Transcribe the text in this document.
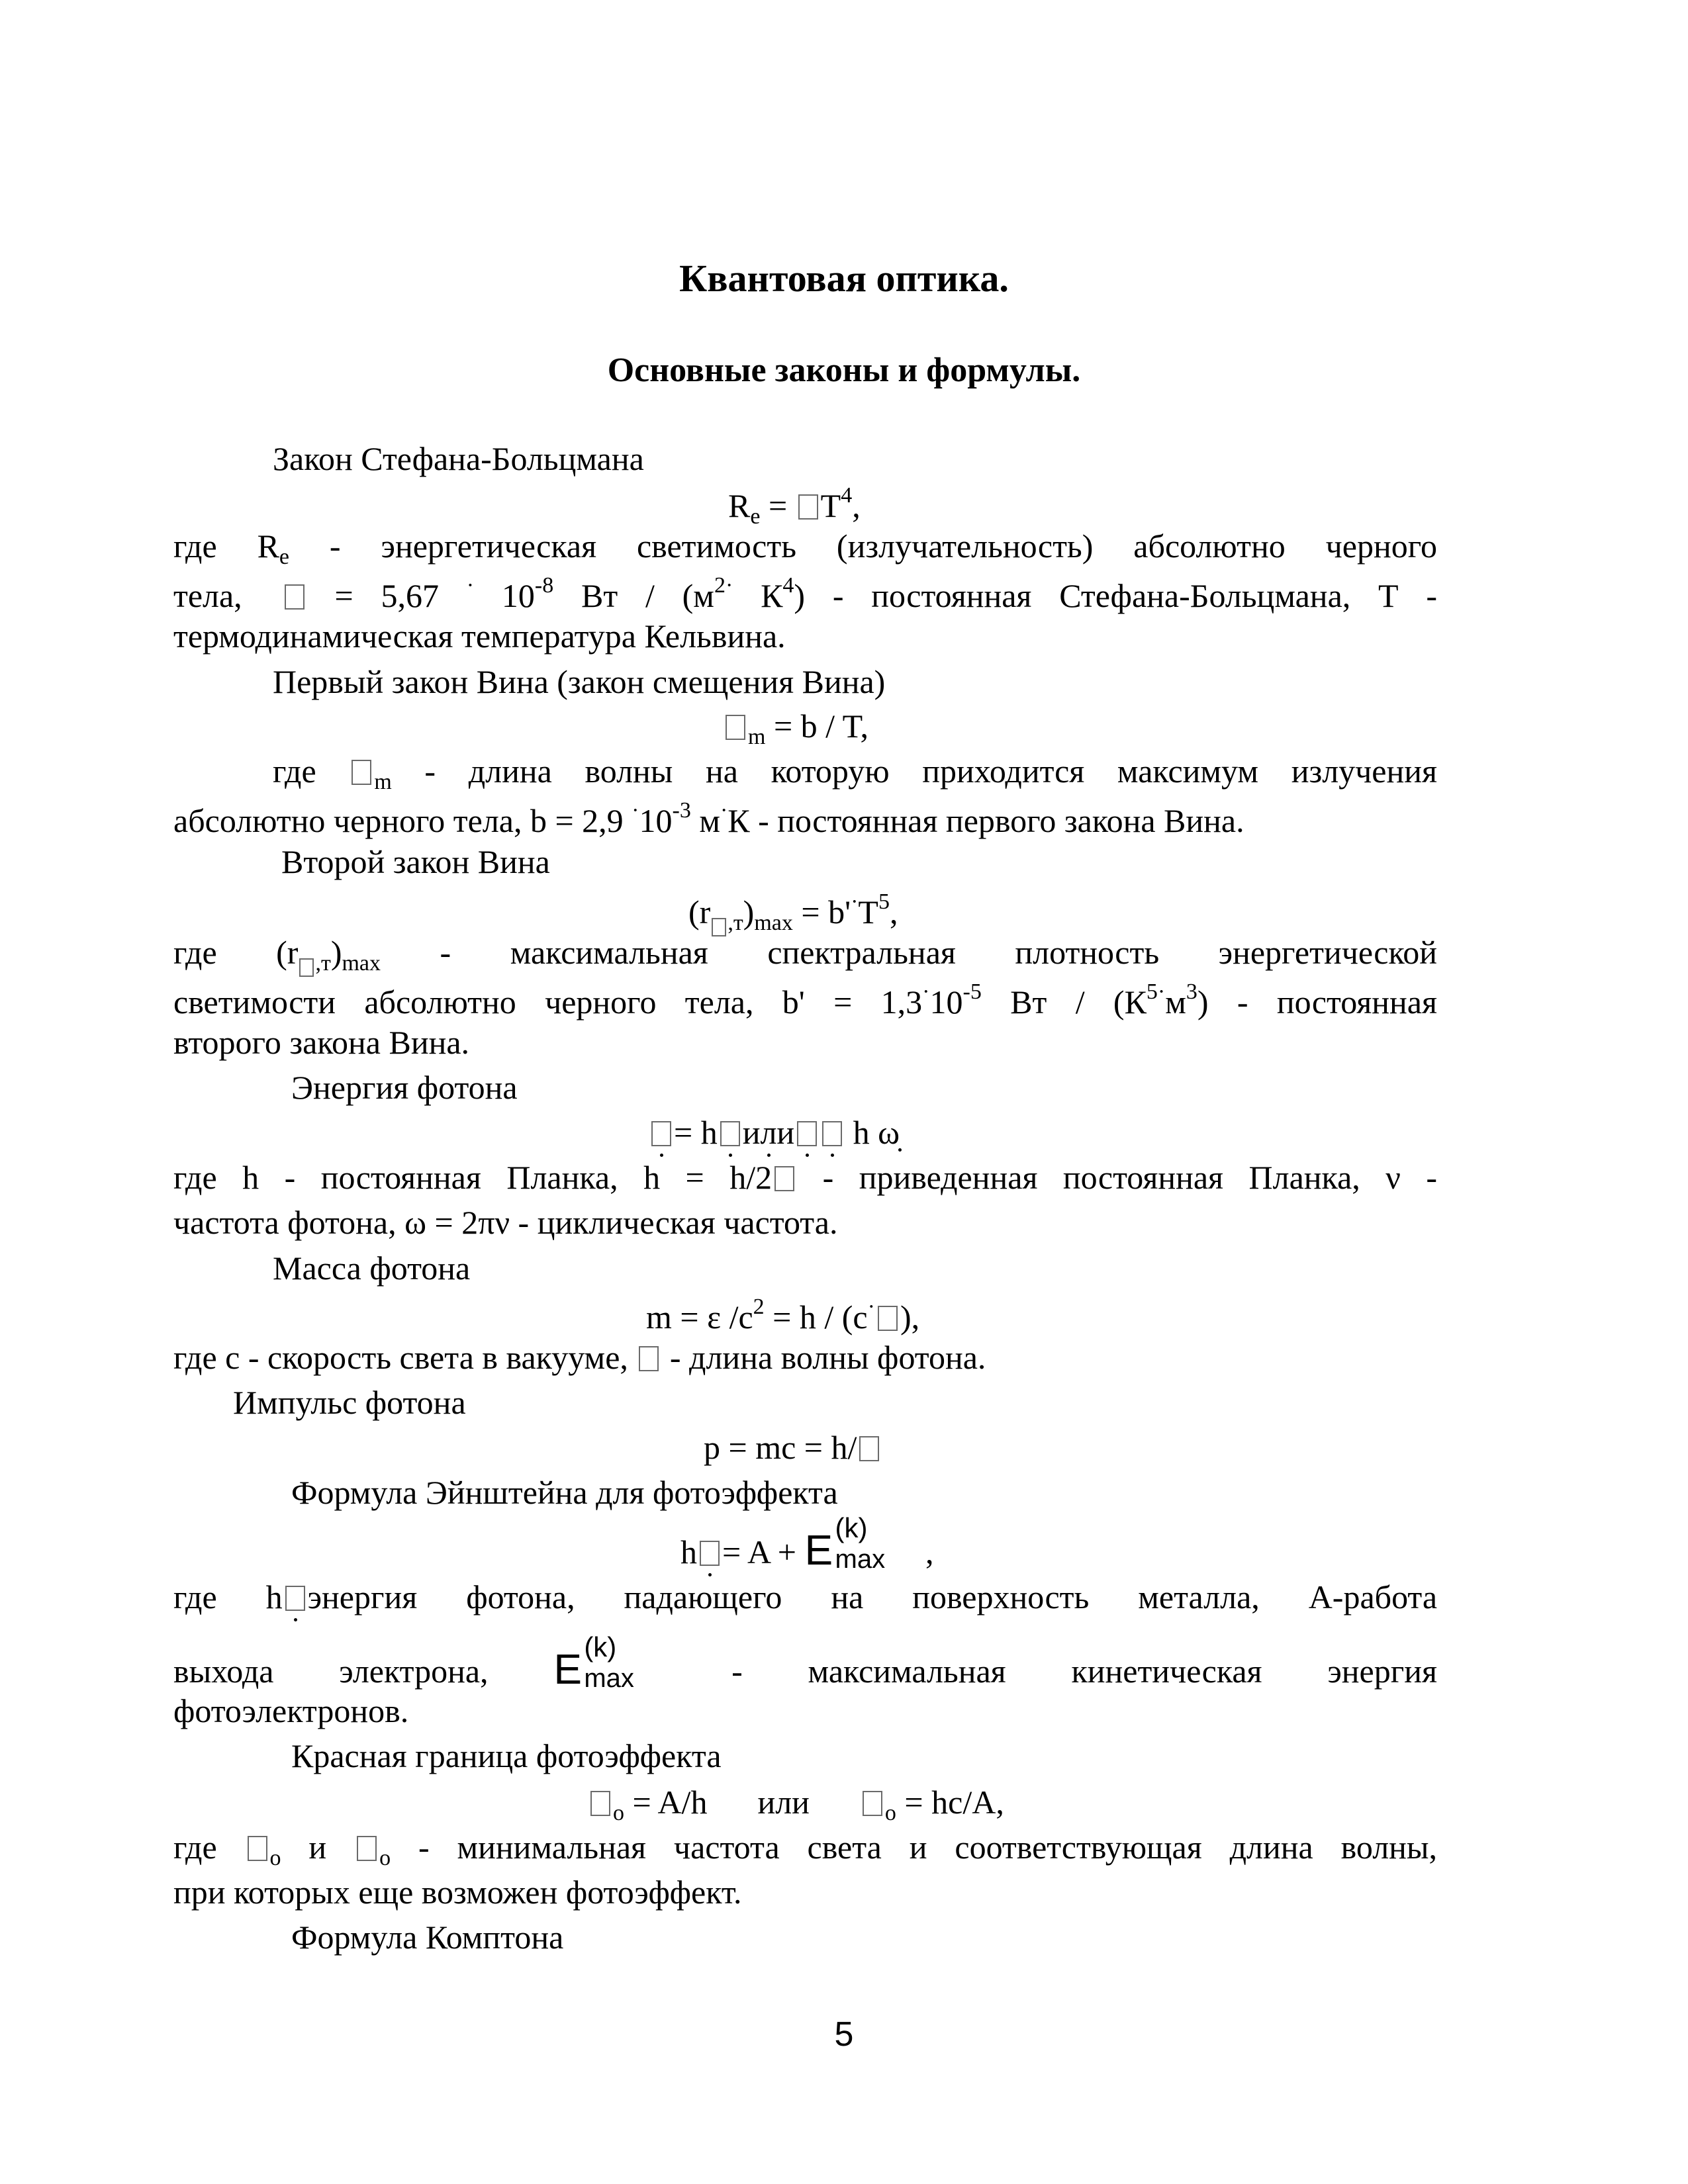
Квантовая оптика.
Основные законы и формулы.
Закон Стефана-Больцмана
$R_e = T^4$,
где $R_e$ - энергетическая светимость (излучательность) абсолютно черного
тела, = 5,67 · $10^{-8}$ Вт / ($м^{2\cdot}$ $К^4$) - постоянная Стефана-Больцмана, Т -
термодинамическая температура Кельвина.
Первый закон Вина (закон смещения Вина)
$_m$ = b / T,
где $_m$ - длина волны на которую приходится максимум излучения
абсолютно черного тела, b = 2,9 $^\cdot 10^{-3}$ м·К - постоянная первого закона Вина.
Второй закон Вина
(r $_{,т})_{max} = b'^\cdot T^5$,
где (r $_{,т})_{max}$ - максимальная спектральная плотность энергетической
светимости абсолютно черного тела, $b' = 1,3^\cdot 10^{-5}$ Вт / $(К^{5\cdot}м^3)$ - постоянная
второго закона Вина.
Энергия фотона
= h или h ω
где h - постоянная Планка, h = h/2 - приведенная постоянная Планка, ν -
частота фотона, ω = 2πν - циклическая частота.
Масса фотона
m = ε $/c^2 = h / (c^\cdot$ ),
где c - скорость света в вакууме,  - длина волны фотона.
Импульс фотона
p = mc = h/
Формула Эйнштейна для фотоэффекта
h = A + E (k)
max ,
где h энергия фотона, падающего на поверхность металла, А-работа
выхода электрона, E (k)
max - максимальная кинетическая энергия
фотоэлектронов.
Красная граница фотоэффекта
$_o$ = A/h или	$_o$ = hc/A,
где $_o$ и $_o$ - минимальная частота света и соответствующая длина волны,
при которых еще возможен фотоэффект.
Формула Комптона
5
